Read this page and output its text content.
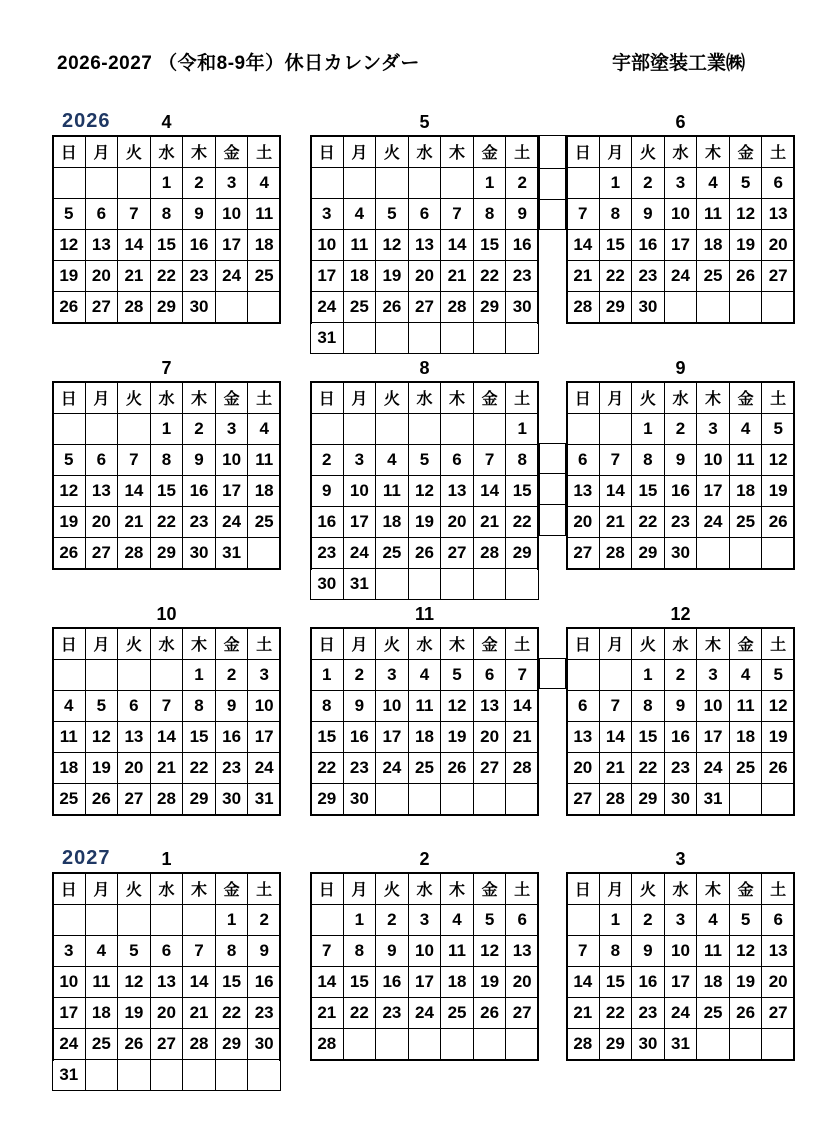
2026-2027 （令和8-9年）休日カレンダー	宇部塗装工業㈱
2026	4
日	月	火	水	木	金	土
			1	2	3	4
5	6	7	8	9	10	11
12	13	14	15	16	17	18
19	20	21	22	23	24	25
26	27	28	29	30		
5
日	月	火	水	木	金	土
					1	2
3	4	5	6	7	8	9
10	11	12	13	14	15	16
17	18	19	20	21	22	23
24	25	26	27	28	29	30
31						
6
日	月	火	水	木	金	土
	1	2	3	4	5	6
7	8	9	10	11	12	13
14	15	16	17	18	19	20
21	22	23	24	25	26	27
28	29	30				
7
日	月	火	水	木	金	土
			1	2	3	4
5	6	7	8	9	10	11
12	13	14	15	16	17	18
19	20	21	22	23	24	25
26	27	28	29	30	31	
8
日	月	火	水	木	金	土
						1
2	3	4	5	6	7	8
9	10	11	12	13	14	15
16	17	18	19	20	21	22
23	24	25	26	27	28	29
30	31					
9
日	月	火	水	木	金	土
		1	2	3	4	5
6	7	8	9	10	11	12
13	14	15	16	17	18	19
20	21	22	23	24	25	26
27	28	29	30			
10
日	月	火	水	木	金	土
				1	2	3
4	5	6	7	8	9	10
11	12	13	14	15	16	17
18	19	20	21	22	23	24
25	26	27	28	29	30	31
11
日	月	火	水	木	金	土
1	2	3	4	5	6	7
8	9	10	11	12	13	14
15	16	17	18	19	20	21
22	23	24	25	26	27	28
29	30					
12
日	月	火	水	木	金	土
		1	2	3	4	5
6	7	8	9	10	11	12
13	14	15	16	17	18	19
20	21	22	23	24	25	26
27	28	29	30	31		
2027	1
日	月	火	水	木	金	土
					1	2
3	4	5	6	7	8	9
10	11	12	13	14	15	16
17	18	19	20	21	22	23
24	25	26	27	28	29	30
31						
2
日	月	火	水	木	金	土
	1	2	3	4	5	6
7	8	9	10	11	12	13
14	15	16	17	18	19	20
21	22	23	24	25	26	27
28						
3
日	月	火	水	木	金	土
	1	2	3	4	5	6
7	8	9	10	11	12	13
14	15	16	17	18	19	20
21	22	23	24	25	26	27
28	29	30	31			
